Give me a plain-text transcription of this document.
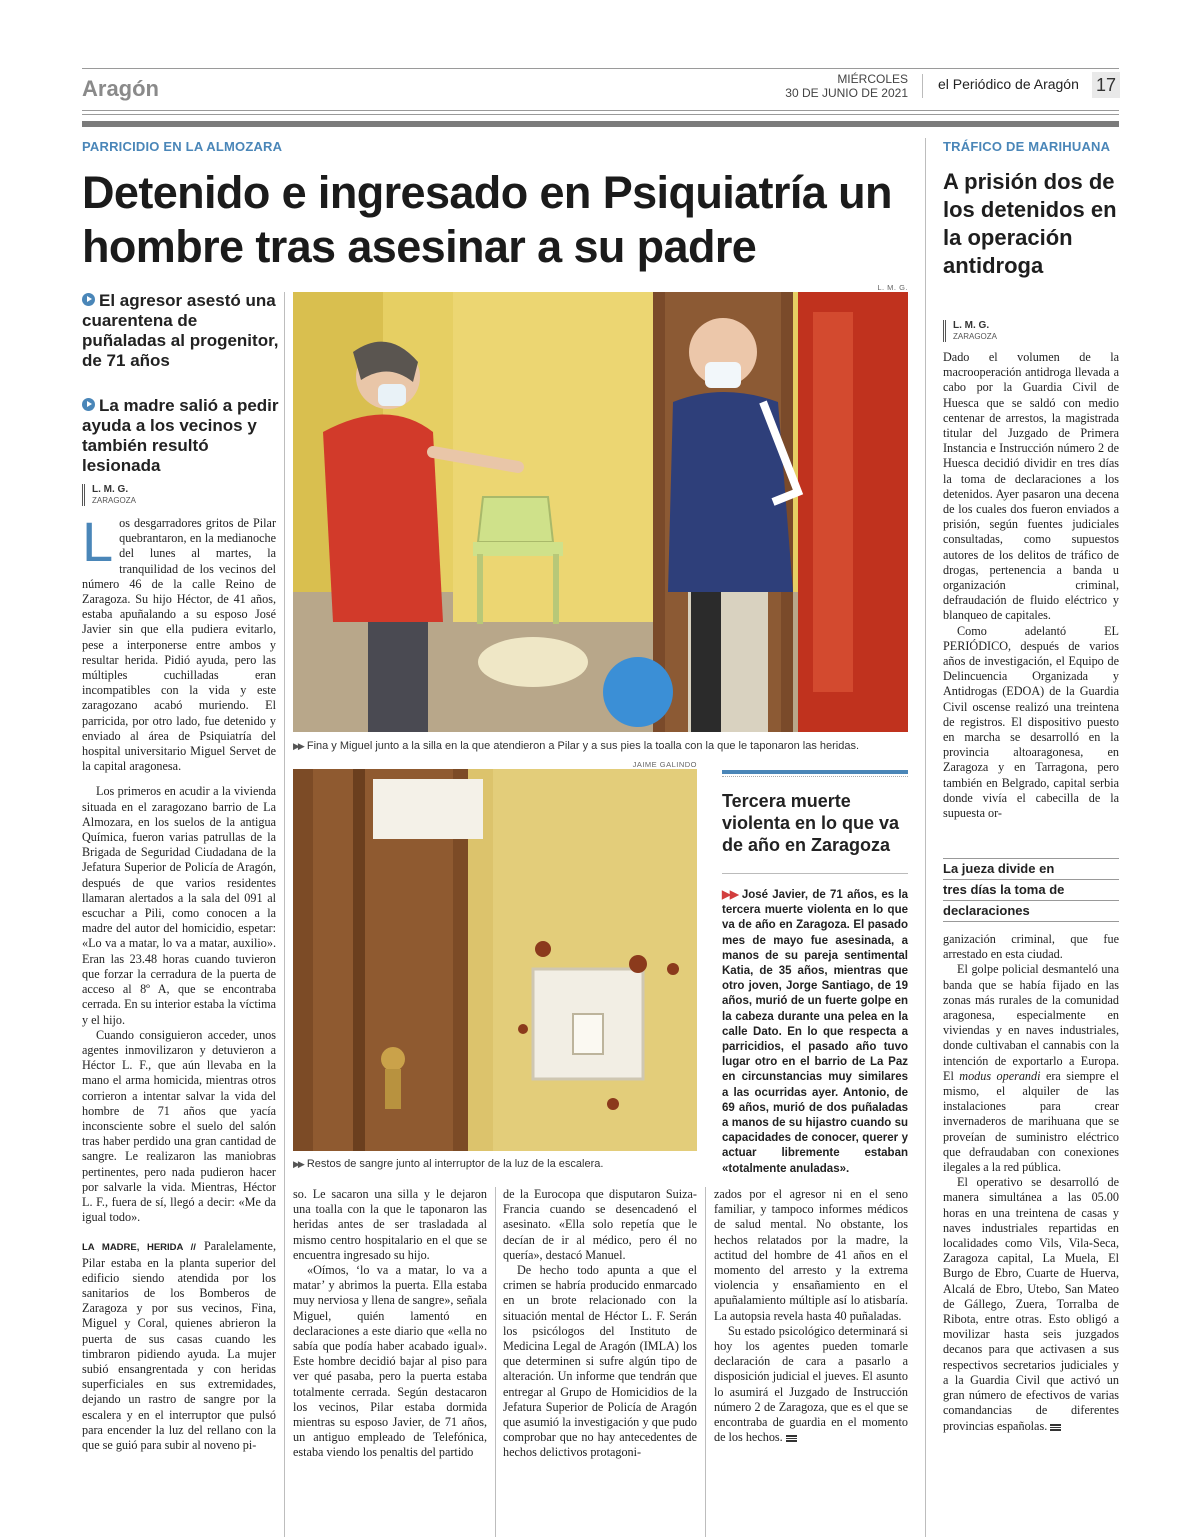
Aragón	MIÉRCOLES
30 DE JUNIO DE 2021
el Periódico de Aragón 17
PARRICIDIO EN LA ALMOZARA
Detenido e ingresado en Psiquiatría un hombre tras asesinar a su padre
El agresor asestó una cuarentena de puñaladas al progenitor, de 71 años
La madre salió a pedir ayuda a los vecinos y también resultó lesionada
L. M. G.
ZARAGOZA

Los desgarradores gritos de Pilar quebrantaron, en la medianoche del lunes al martes, la tranquilidad de los vecinos del número 46 de la calle Reino de Zaragoza. Su hijo Héctor, de 41 años, estaba apuñalando a su esposo José Javier sin que ella pudiera evitarlo, pese a interponerse entre ambos y resultar herida. Pidió ayuda, pero las múltiples cuchilladas eran incompatibles con la vida y este zaragozano acabó muriendo. El parricida, por otro lado, fue detenido y enviado al área de Psiquiatría del hospital universitario Miguel Servet de la capital aragonesa.

Los primeros en acudir a la vivienda situada en el zaragozano barrio de La Almozara, en los suelos de la antigua Química, fueron varias patrullas de la Brigada de Seguridad Ciudadana de la Jefatura Superior de Policía de Aragón, después de que varios residentes llamaran alertados a la sala del 091 al escuchar a Pili, como conocen a la madre del autor del homicidio, espetar: «Lo va a matar, lo va a matar, auxilio». Eran las 23.48 horas cuando tuvieron que forzar la cerradura de la puerta de acceso al 8º A, que se encontraba cerrada. En su interior estaba la víctima y el hijo.

Cuando consiguieron acceder, unos agentes inmovilizaron y detuvieron a Héctor L. F., que aún llevaba en la mano el arma homicida, mientras otros corrieron a intentar salvar la vida del hombre de 71 años que yacía inconsciente sobre el suelo del salón tras haber perdido una gran cantidad de sangre. Le realizaron las maniobras pertinentes, pero nada pudieron hacer por salvarle la vida. Mientras, Héctor L. F., fuera de sí, llegó a decir: «Me da igual todo».

LA MADRE, HERIDA // Paralelamente, Pilar estaba en la planta superior del edificio siendo atendida por los sanitarios de los Bomberos de Zaragoza y por sus vecinos, Fina, Miguel y Coral, quienes abrieron la puerta de sus casas cuando les timbraron pidiendo ayuda. La mujer subió ensangrentada y con heridas superficiales en sus extremidades, dejando un rastro de sangre por la escalera y en el interruptor que pulsó para encender la luz del rellano con la que se guió para subir al noveno pi-

L. M. G.
▶▶ Fina y Miguel junto a la silla en la que atendieron a Pilar y a sus pies la toalla con la que le taponaron las heridas.
JAIME GALINDO
▶▶ Restos de sangre junto al interruptor de la luz de la escalera.
Tercera muerte violenta en lo que va de año en Zaragoza
▶▶ José Javier, de 71 años, es la tercera muerte violenta en lo que va de año en Zaragoza. El pasado mes de mayo fue asesinada, a manos de su pareja sentimental Katia, de 35 años, mientras que otro joven, Jorge Santiago, de 19 años, murió de un fuerte golpe en la cabeza durante una pelea en la calle Dato. En lo que respecta a parricidios, el pasado año tuvo lugar otro en el barrio de La Paz en circunstancias muy similares a las ocurridas ayer. Antonio, de 69 años, murió de dos puñaladas a manos de su hijastro cuando su capacidades de conocer, querer y actuar libremente estaban «totalmente anuladas».

so. Le sacaron una silla y le dejaron una toalla con la que le taponaron las heridas antes de ser trasladada al mismo centro hospitalario en el que se encuentra ingresado su hijo.

«Oímos, ‘lo va a matar, lo va a matar’ y abrimos la puerta. Ella estaba muy nerviosa y llena de sangre», señala Miguel, quién lamentó en declaraciones a este diario que «ella no sabía que podía haber acabado igual». Este hombre decidió bajar al piso para ver qué pasaba, pero la puerta estaba totalmente cerrada. Según destacaron los vecinos, Pilar estaba dormida mientras su esposo Javier, de 71 años, un antiguo empleado de Telefónica, estaba viendo los penaltis del partido

de la Eurocopa que disputaron Suiza-Francia cuando se desencadenó el asesinato. «Ella solo repetía que le decían de ir al médico, pero él no quería», destacó Manuel.

De hecho todo apunta a que el crimen se habría producido enmarcado en un brote relacionado con la situación mental de Héctor L. F. Serán los psicólogos del Instituto de Medicina Legal de Aragón (IMLA) los que determinen si sufre algún tipo de alteración. Un informe que tendrán que entregar al Grupo de Homicidios de la Jefatura Superior de Policía de Aragón que asumió la investigación y que pudo comprobar que no hay antecedentes de hechos delictivos protagoni-

zados por el agresor ni en el seno familiar, y tampoco informes médicos de salud mental. No obstante, los hechos relatados por la madre, la actitud del hombre de 41 años en el momento del arresto y la extrema violencia y ensañamiento en el apuñalamiento múltiple así lo atisbaría. La autopsia revela hasta 40 puñaladas.

Su estado psicológico determinará si hoy los agentes pueden tomarle declaración de cara a pasarlo a disposición judicial el jueves. El asunto lo asumirá el Juzgado de Instrucción número 2 de Zaragoza, que es el que se encontraba de guardia en el momento de los hechos.

TRÁFICO DE MARIHUANA
A prisión dos de los detenidos en la operación antidroga
L. M. G.
ZARAGOZA

Dado el volumen de la macrooperación antidroga llevada a cabo por la Guardia Civil de Huesca que se saldó con medio centenar de arrestos, la magistrada titular del Juzgado de Primera Instancia e Instrucción número 2 de Huesca decidió dividir en tres días la toma de declaraciones a los detenidos. Ayer pasaron una decena de los cuales dos fueron enviados a prisión, según fuentes judiciales consultadas, como supuestos autores de los delitos de tráfico de drogas, pertenencia a banda u organización criminal, defraudación de fluido eléctrico y blanqueo de capitales.

Como adelantó EL PERIÓDICO, después de varios años de investigación, el Equipo de Delincuencia Organizada y Antidrogas (EDOA) de la Guardia Civil oscense realizó una treintena de registros. El dispositivo puesto en marcha se desarrolló en la provincia altoaragonesa, en Zaragoza y en Tarragona, pero también en Belgrado, capital serbia donde vivía el cabecilla de la supuesta or-

La jueza divide en
tres días la toma de
declaraciones

ganización criminal, que fue arrestado en esta ciudad.

El golpe policial desmanteló una banda que se había fijado en las zonas más rurales de la comunidad aragonesa, especialmente en viviendas y en naves industriales, donde cultivaban el cannabis con la intención de exportarlo a Europa. El modus operandi era siempre el mismo, el alquiler de las instalaciones para crear invernaderos de marihuana que se proveían de suministro eléctrico que defraudaban con conexiones ilegales a la red pública.

El operativo se desarrolló de manera simultánea a las 05.00 horas en una treintena de casas y naves industriales repartidas en localidades como Vils, Vila-Seca, Zaragoza capital, La Muela, El Burgo de Ebro, Cuarte de Huerva, Alcalá de Ebro, Utebo, San Mateo de Gállego, Zuera, Torralba de Ribota, entre otras. Esto obligó a movilizar hasta seis juzgados decanos para que activasen a sus respectivos secretarios judiciales y a la Guardia Civil que activó un gran número de efectivos de varias comandancias de diferentes provincias españolas.
